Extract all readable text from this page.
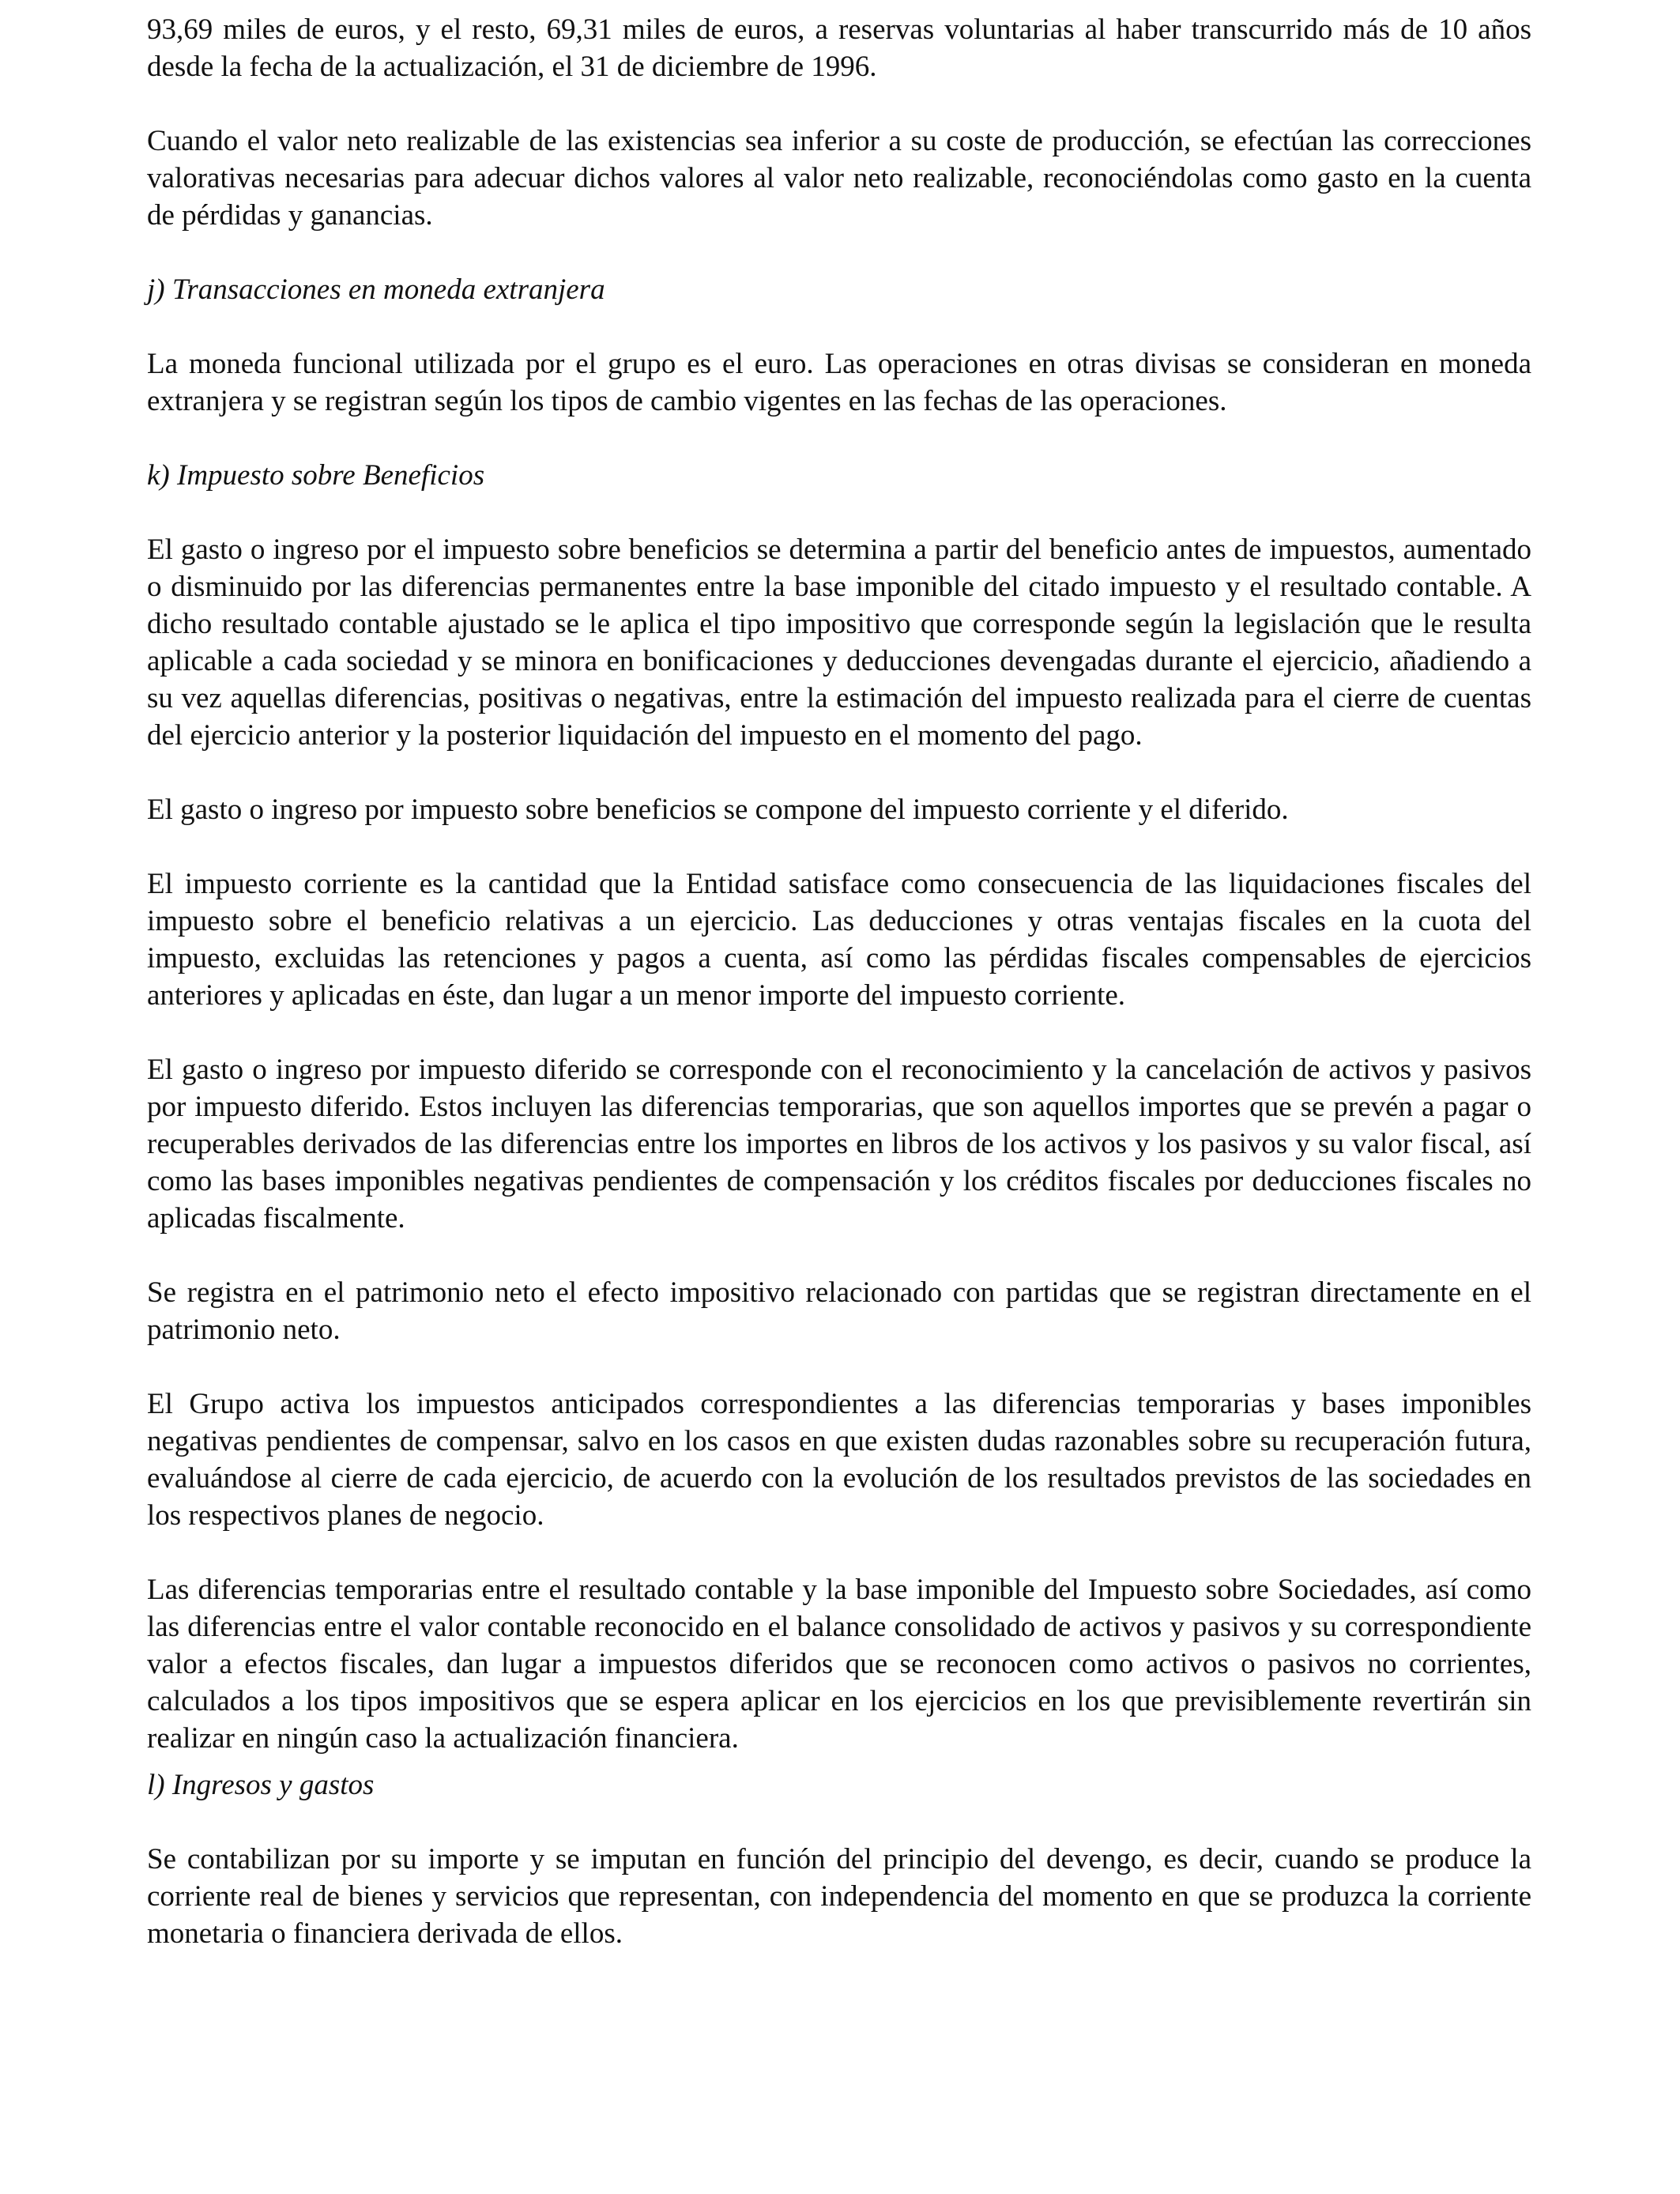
93,69 miles de euros, y el resto, 69,31 miles de euros, a reservas voluntarias al haber transcurrido más de 10 años desde la fecha de la actualización, el 31 de diciembre de 1996.

Cuando el valor neto realizable de las existencias sea inferior a su coste de producción, se efectúan las correcciones valorativas necesarias para adecuar dichos valores al valor neto realizable, reconociéndolas como gasto en la cuenta de pérdidas y ganancias.

j) Transacciones en moneda extranjera

La moneda funcional utilizada por el grupo es el euro. Las operaciones en otras divisas se consideran en moneda extranjera y se registran según los tipos de cambio vigentes en las fechas de las operaciones.

k) Impuesto sobre Beneficios

El gasto o ingreso por el impuesto sobre beneficios se determina a partir del beneficio antes de impuestos, aumentado o disminuido por las diferencias permanentes entre la base imponible del citado impuesto y el resultado contable. A dicho resultado contable ajustado se le aplica el tipo impositivo que corresponde según la legislación que le resulta aplicable a cada sociedad y se minora en bonificaciones y deducciones devengadas durante el ejercicio, añadiendo a su vez aquellas diferencias, positivas o negativas, entre la estimación del impuesto realizada para el cierre de cuentas del ejercicio anterior y la posterior liquidación del impuesto en el momento del pago.

El gasto o ingreso por impuesto sobre beneficios se compone del impuesto corriente y el diferido.

El impuesto corriente es la cantidad que la Entidad satisface como consecuencia de las liquidaciones fiscales del impuesto sobre el beneficio relativas a un ejercicio. Las deducciones y otras ventajas fiscales en la cuota del impuesto, excluidas las retenciones y pagos a cuenta, así como las pérdidas fiscales compensables de ejercicios anteriores y aplicadas en éste, dan lugar a un menor importe del impuesto corriente.

El gasto o ingreso por impuesto diferido se corresponde con el reconocimiento y la cancelación de activos y pasivos por impuesto diferido. Estos incluyen las diferencias temporarias, que son aquellos importes que se prevén a pagar o recuperables derivados de las diferencias entre los importes en libros de los activos y los pasivos y su valor fiscal, así como las bases imponibles negativas pendientes de compensación y los créditos fiscales por deducciones fiscales no aplicadas fiscalmente.

Se registra en el patrimonio neto el efecto impositivo relacionado con partidas que se registran directamente en el patrimonio neto.

El Grupo activa los impuestos anticipados correspondientes a las diferencias temporarias y bases imponibles negativas pendientes de compensar, salvo en los casos en que existen dudas razonables sobre su recuperación futura, evaluándose al cierre de cada ejercicio, de acuerdo con la evolución de los resultados previstos de las sociedades en los respectivos planes de negocio.

Las diferencias temporarias entre el resultado contable y la base imponible del Impuesto sobre Sociedades, así como las diferencias entre el valor contable reconocido en el balance consolidado de activos y pasivos y su correspondiente valor a efectos fiscales, dan lugar a impuestos diferidos que se reconocen como activos o pasivos no corrientes, calculados a los tipos impositivos que se espera aplicar en los ejercicios en los que previsiblemente revertirán sin realizar en ningún caso la actualización financiera.

l) Ingresos y gastos

Se contabilizan por su importe y se imputan en función del principio del devengo, es decir, cuando se produce la corriente real de bienes y servicios que representan, con independencia del momento en que se produzca la corriente monetaria o financiera derivada de ellos.
